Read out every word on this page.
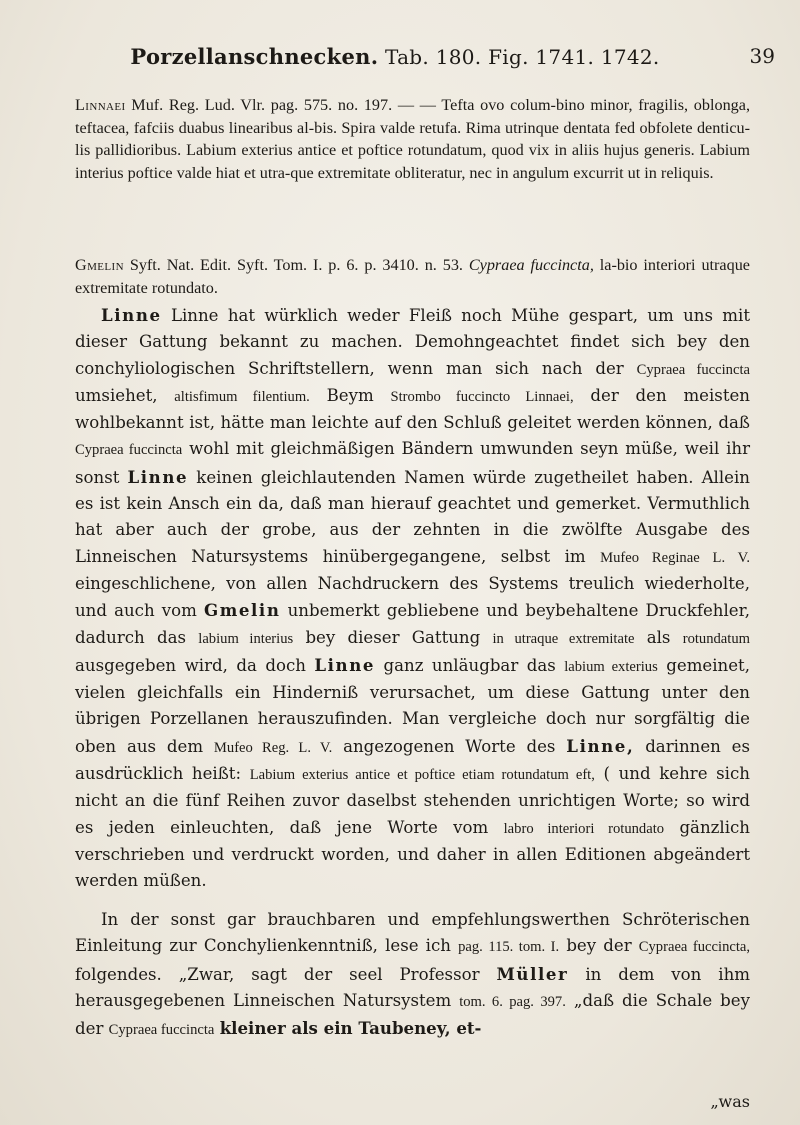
Porzellanschnecken. Tab. 180. Fig. 1741. 1742.	39

Linnaei Muf. Reg. Lud. Vlr. pag. 575. no. 197. — — Tefta ovo colum-bino minor, fragilis, oblonga, teftacea, fafciis duabus linearibus al-bis. Spira valde retufa. Rima utrinque dentata fed obfolete denticu-lis pallidioribus. Labium exterius antice et poftice rotundatum, quod vix in aliis hujus generis. Labium interius poftice valde hiat et utra-que extremitate obliteratur, nec in angulum excurrit ut in reliquis.

Gmelin Syft. Nat. Edit. Syft. Tom. I. p. 6. p. 3410. n. 53. Cypraea fuccincta, la-bio interiori utraque extremitate rotundato.

Linne Linne hat würklich weder Fleiß noch Mühe gespart, um uns mit dieser Gattung bekannt zu machen. Demohngeachtet findet sich bey den conchyliologischen Schriftstellern, wenn man sich nach der Cypraea fuccincta umsiehet, altisfimum filentium. Beym Strombo fuccincto Linnaei, der den meisten wohlbekannt ist, hätte man leichte auf den Schluß geleitet werden können, daß Cypraea fuccincta wohl mit gleichmäßigen Bändern umwunden seyn müße, weil ihr sonst Linne keinen gleichlautenden Namen würde zugetheilet haben. Allein es ist kein Ansch ein da, daß man hierauf geachtet und gemerket. Vermuthlich hat aber auch der grobe, aus der zehnten in die zwölfte Ausgabe des Linneischen Natursystems hinübergegangene, selbst im Mufeo Reginae L. V. eingeschlichene, von allen Nachdruckern des Systems treulich wiederholte, und auch vom Gmelin unbemerkt gebliebene und beybehaltene Druckfehler, dadurch das labium interius bey dieser Gattung in utraque extremitate als rotundatum ausgegeben wird, da doch Linne ganz unläugbar das labium exterius gemeinet, vielen gleichfalls ein Hinderniß verursachet, um diese Gattung unter den übrigen Porzellanen herauszufinden. Man vergleiche doch nur sorgfältig die oben aus dem Mufeo Reg. L. V. angezogenen Worte des Linne, darinnen es ausdrücklich heißt: Labium exterius antice et poftice etiam rotundatum eft, ( und kehre sich nicht an die fünf Reihen zuvor daselbst stehenden unrichtigen Worte; so wird es jeden einleuchten, daß jene Worte vom labro interiori rotundato gänzlich verschrieben und verdruckt worden, und daher in allen Editionen abgeändert werden müßen.

In der sonst gar brauchbaren und empfehlungswerthen Schröterischen Einleitung zur Conchylienkenntniß, lese ich pag. 115. tom. I. bey der Cypraea fuccincta, folgendes. „Zwar, sagt der seel Professor Müller in dem von ihm herausgegebenen Linneischen Natursystem tom. 6. pag. 397. „daß die Schale bey der Cypraea fuccincta kleiner als ein Taubeney, et-

„was
